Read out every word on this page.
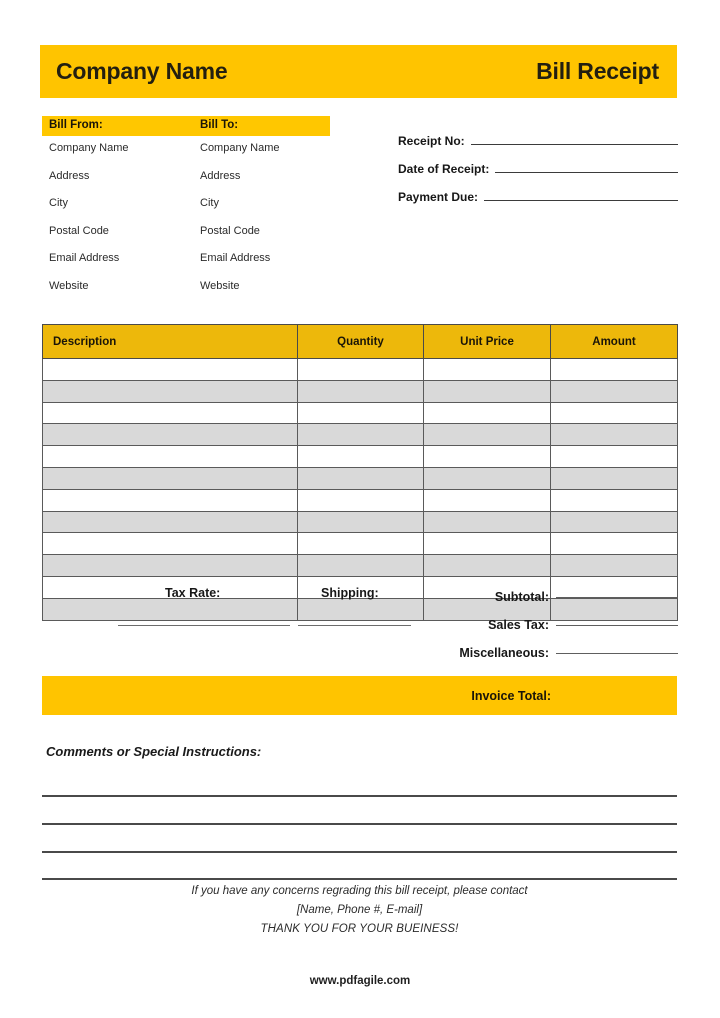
Company Name	Bill Receipt
Bill From:
Company Name
Address
City
Postal Code
Email Address
Website
Bill To:
Company Name
Address
City
Postal Code
Email Address
Website
Receipt No:
Date of Receipt:
Payment Due:
Description	Quantity	Unit Price	Amount

Tax Rate:	Shipping:	Subtotal:
Sales Tax:
Miscellaneous:
Invoice Total:
Comments or Special Instructions:
If you have any concerns regrading this bill receipt, please contact
[Name, Phone #, E-mail]
THANK YOU FOR YOUR BUEINESS!
www.pdfagile.com
